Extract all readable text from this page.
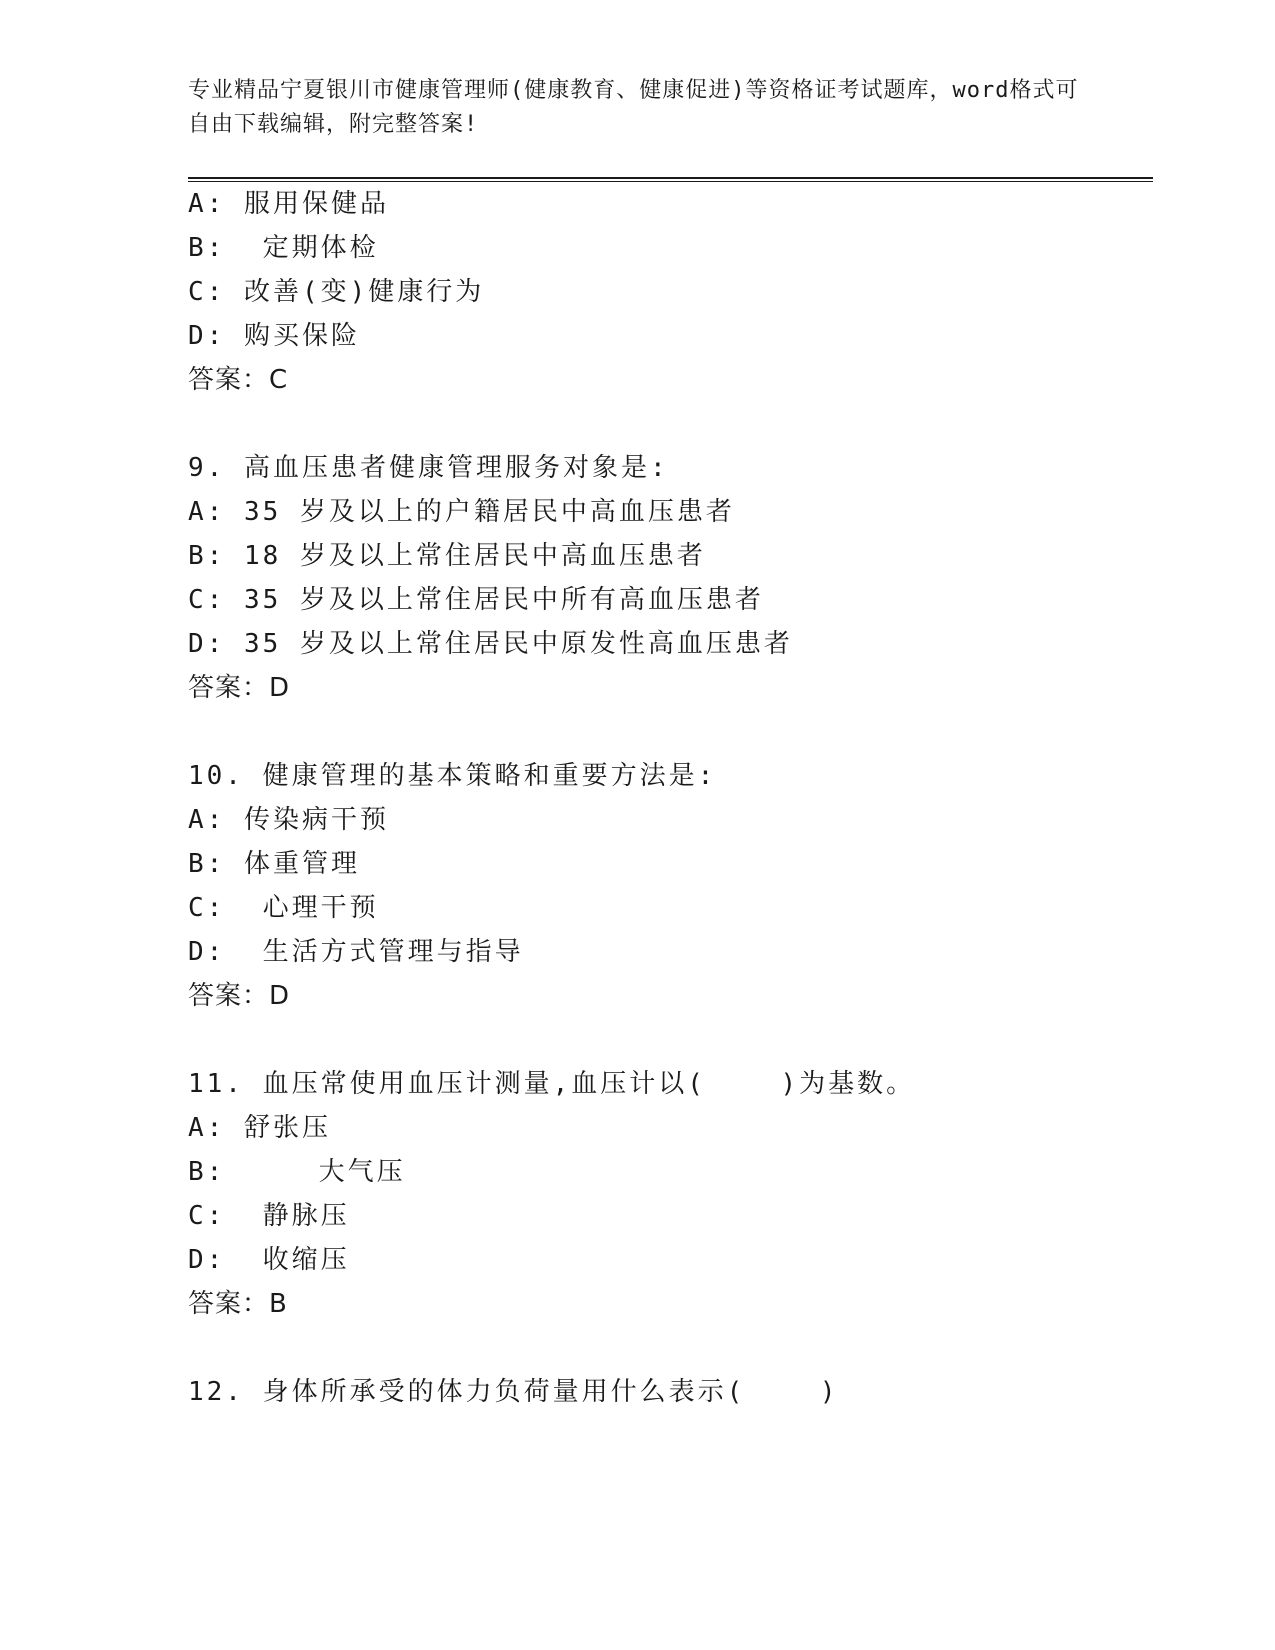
专业精品宁夏银川市健康管理师(健康教育、健康促进)等资格证考试题库，word格式可自由下载编辑，附完整答案!
A: 服用保健品
B:  定期体检
C: 改善(变)健康行为
D: 购买保险
答案：C
9. 高血压患者健康管理服务对象是:
A: 35 岁及以上的户籍居民中高血压患者
B: 18 岁及以上常住居民中高血压患者
C: 35 岁及以上常住居民中所有高血压患者
D: 35 岁及以上常住居民中原发性高血压患者
答案：D
10. 健康管理的基本策略和重要方法是:
A: 传染病干预
B: 体重管理
C:  心理干预
D:  生活方式管理与指导
答案：D
11. 血压常使用血压计测量,血压计以(    )为基数。
A: 舒张压
B:     大气压
C:  静脉压
D:  收缩压
答案：B
12. 身体所承受的体力负荷量用什么表示(    )
